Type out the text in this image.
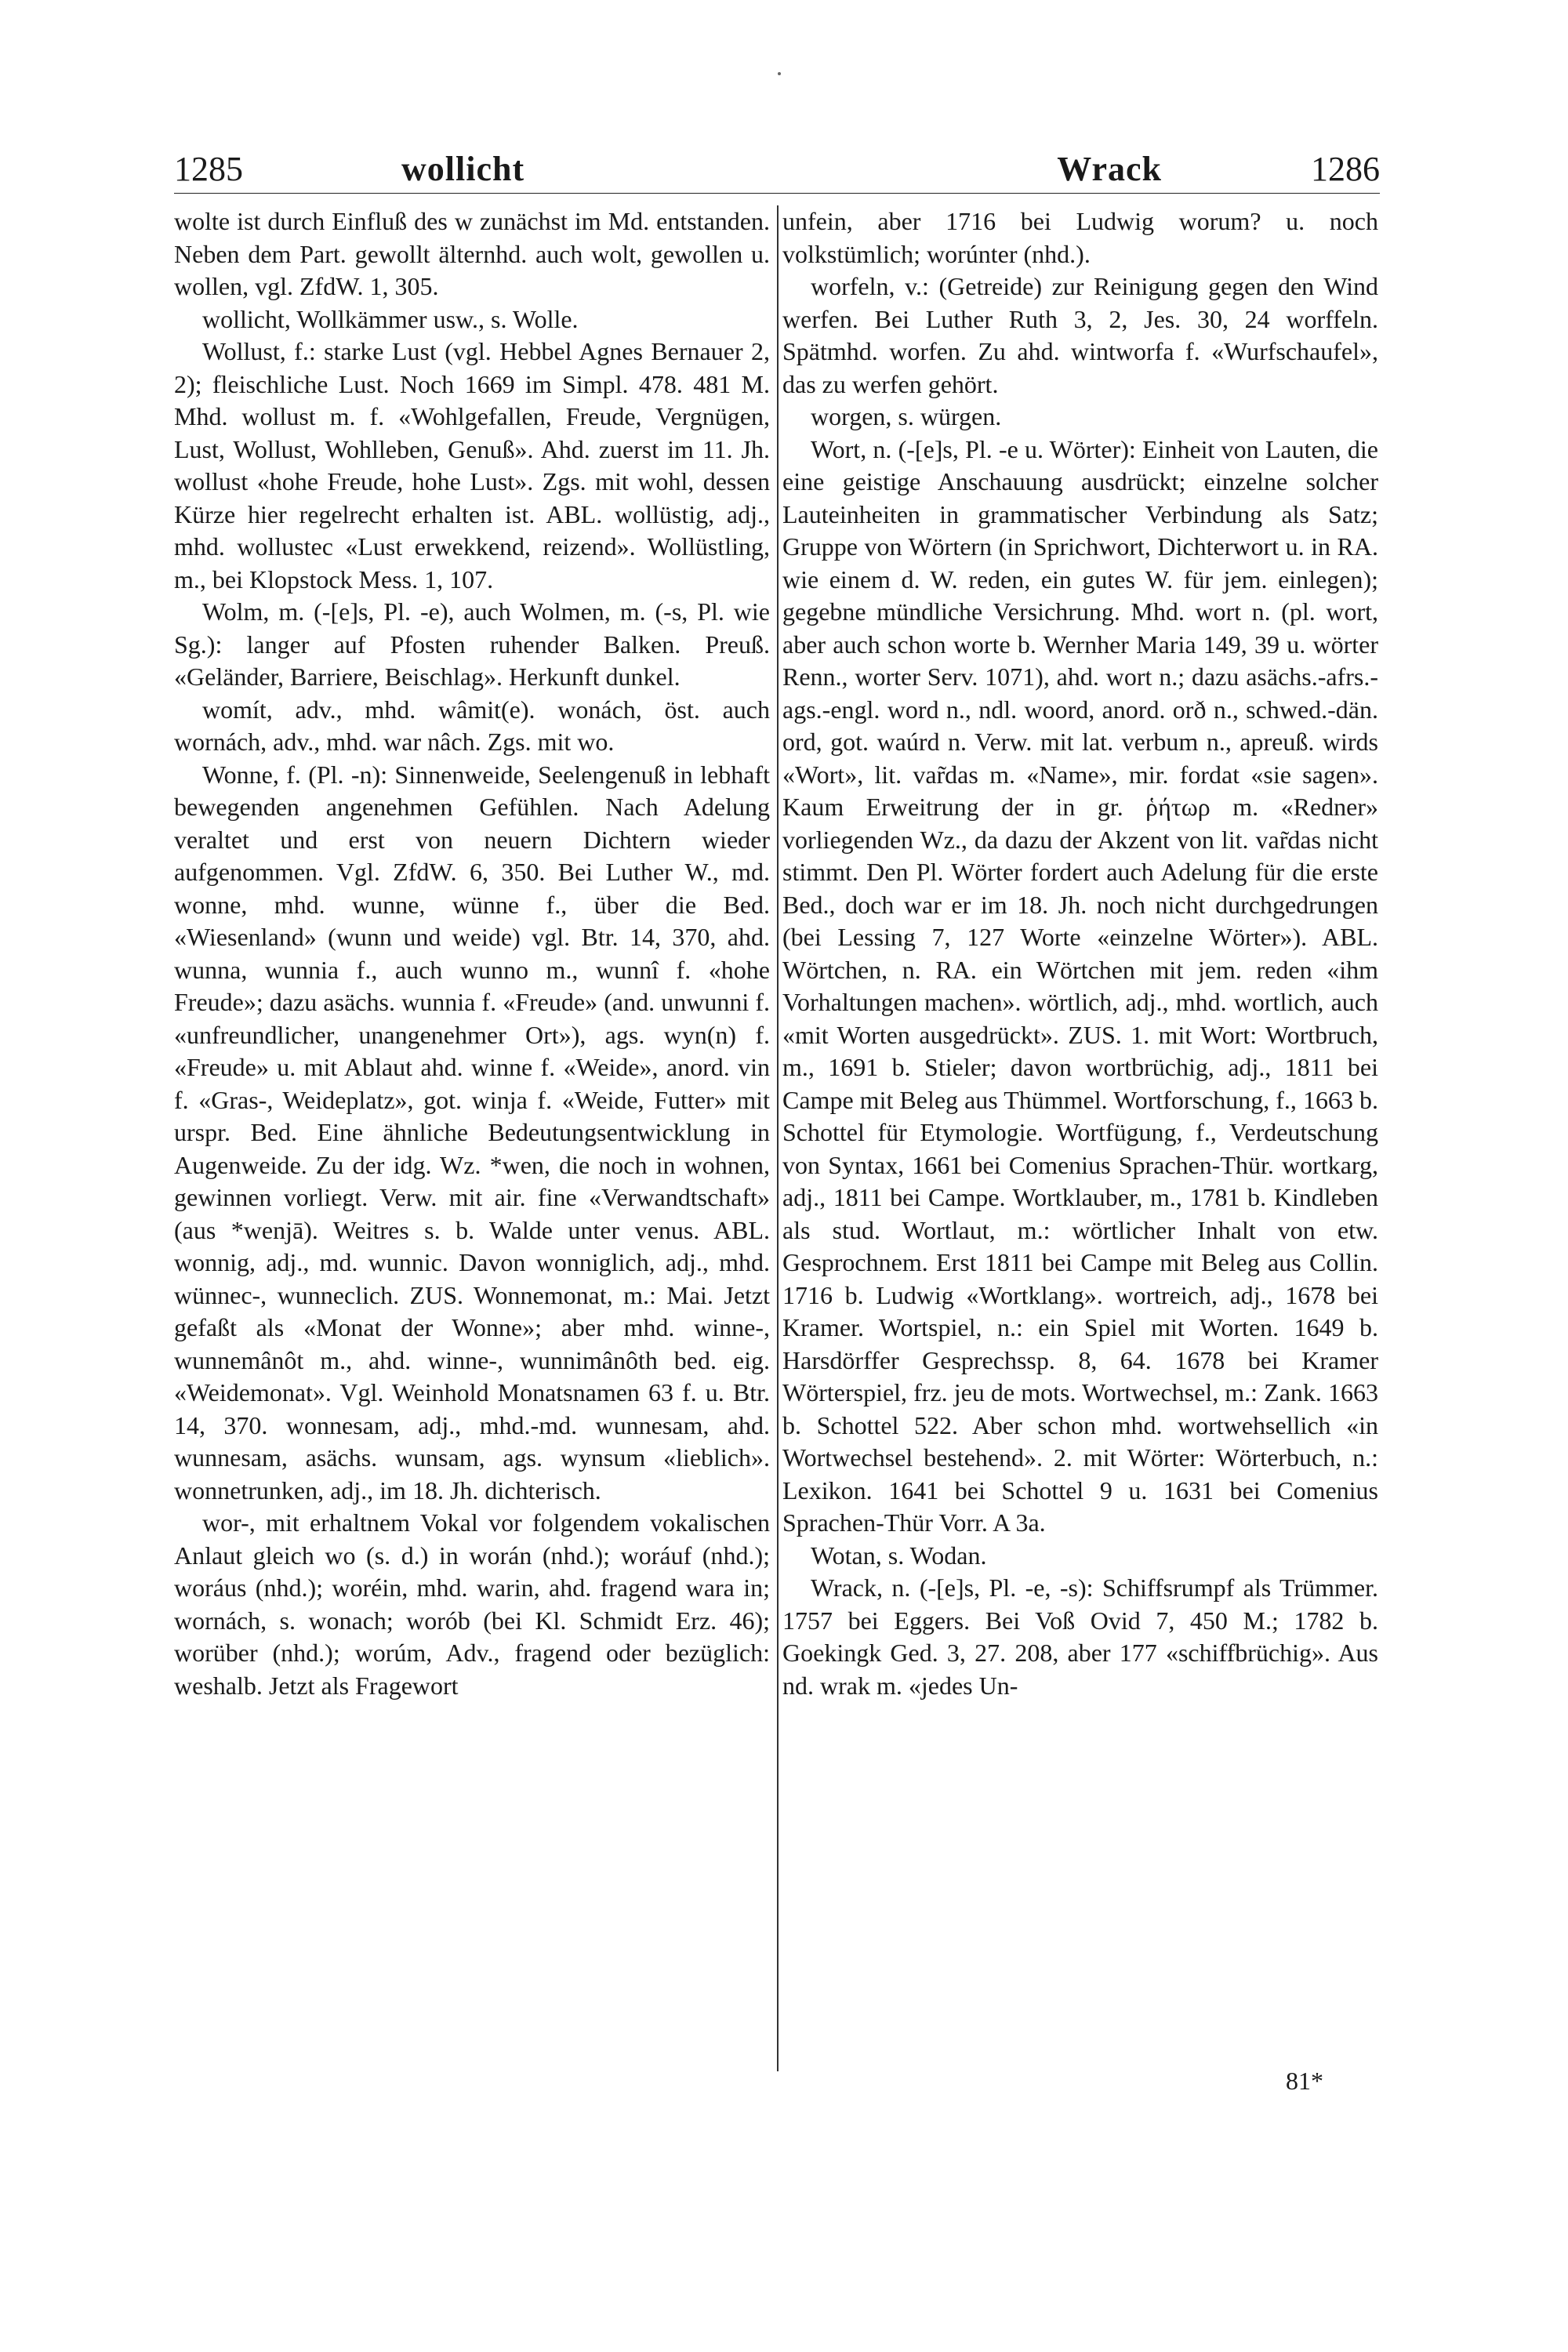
1285	wollicht	Wrack	1286

wolte ist durch Einfluß des w zunächst im Md. entstanden. Neben dem Part. gewollt älternhd. auch wolt, gewollen u. wollen, vgl. ZfdW. 1, 305.

wollicht, Wollkämmer usw., s. Wolle.

Wollust, f.: starke Lust (vgl. Hebbel Agnes Bernauer 2, 2); fleischliche Lust. Noch 1669 im Simpl. 478. 481 M. Mhd. wollust m. f. «Wohlgefallen, Freude, Vergnügen, Lust, Wollust, Wohlleben, Genuß». Ahd. zuerst im 11. Jh. wollust «hohe Freude, hohe Lust». Zgs. mit wohl, dessen Kürze hier regelrecht erhalten ist. ABL. wollüstig, adj., mhd. wollustec «Lust erwekkend, reizend». Wollüstling, m., bei Klopstock Mess. 1, 107.

Wolm, m. (-[e]s, Pl. -e), auch Wolmen, m. (-s, Pl. wie Sg.): langer auf Pfosten ruhender Balken. Preuß. «Geländer, Barriere, Beischlag». Herkunft dunkel.

womít, adv., mhd. wâmit(e). wonách, öst. auch wornách, adv., mhd. war nâch. Zgs. mit wo.

Wonne, f. (Pl. -n): Sinnenweide, Seelengenuß in lebhaft bewegenden angenehmen Gefühlen. Nach Adelung veraltet und erst von neuern Dichtern wieder aufgenommen. Vgl. ZfdW. 6, 350. Bei Luther W., md. wonne, mhd. wunne, wünne f., über die Bed. «Wiesenland» (wunn und weide) vgl. Btr. 14, 370, ahd. wunna, wunnia f., auch wunno m., wunnî f. «hohe Freude»; dazu asächs. wunnia f. «Freude» (and. unwunni f. «unfreundlicher, unangenehmer Ort»), ags. wyn(n) f. «Freude» u. mit Ablaut ahd. winne f. «Weide», anord. vin f. «Gras-, Weideplatz», got. winja f. «Weide, Futter» mit urspr. Bed. Eine ähnliche Bedeutungsentwicklung in Augenweide. Zu der idg. Wz. *wen, die noch in wohnen, gewinnen vorliegt. Verw. mit air. fine «Verwandtschaft» (aus *wenjā). Weitres s. b. Walde unter venus. ABL. wonnig, adj., md. wunnic. Davon wonniglich, adj., mhd. wünnec-, wunneclich. ZUS. Wonnemonat, m.: Mai. Jetzt gefaßt als «Monat der Wonne»; aber mhd. winne-, wunnemânôt m., ahd. winne-, wunnimânôth bed. eig. «Weidemonat». Vgl. Weinhold Monatsnamen 63 f. u. Btr. 14, 370. wonnesam, adj., mhd.-md. wunnesam, ahd. wunnesam, asächs. wunsam, ags. wynsum «lieblich». wonnetrunken, adj., im 18. Jh. dichterisch.

wor-, mit erhaltnem Vokal vor folgendem vokalischen Anlaut gleich wo (s. d.) in worán (nhd.); woráuf (nhd.); woráus (nhd.); woréin, mhd. warin, ahd. fragend wara in; wornách, s. wonach; worób (bei Kl. Schmidt Erz. 46); worüber (nhd.); worúm, Adv., fragend oder bezüglich: weshalb. Jetzt als Fragewort

unfein, aber 1716 bei Ludwig worum? u. noch volkstümlich; worúnter (nhd.).

worfeln, v.: (Getreide) zur Reinigung gegen den Wind werfen. Bei Luther Ruth 3, 2, Jes. 30, 24 worffeln. Spätmhd. worfen. Zu ahd. wintworfa f. «Wurfschaufel», das zu werfen gehört.

worgen, s. würgen.

Wort, n. (-[e]s, Pl. -e u. Wörter): Einheit von Lauten, die eine geistige Anschauung ausdrückt; einzelne solcher Lauteinheiten in grammatischer Verbindung als Satz; Gruppe von Wörtern (in Sprichwort, Dichterwort u. in RA. wie einem d. W. reden, ein gutes W. für jem. einlegen); gegebne mündliche Versichrung. Mhd. wort n. (pl. wort, aber auch schon worte b. Wernher Maria 149, 39 u. wörter Renn., worter Serv. 1071), ahd. wort n.; dazu asächs.-afrs.-ags.-engl. word n., ndl. woord, anord. orð n., schwed.-dän. ord, got. waúrd n. Verw. mit lat. verbum n., apreuß. wirds «Wort», lit. var̃das m. «Name», mir. fordat «sie sagen». Kaum Erweitrung der in gr. ῥήτωρ m. «Redner» vorliegenden Wz., da dazu der Akzent von lit. var̃das nicht stimmt. Den Pl. Wörter fordert auch Adelung für die erste Bed., doch war er im 18. Jh. noch nicht durchgedrungen (bei Lessing 7, 127 Worte «einzelne Wörter»). ABL. Wörtchen, n. RA. ein Wörtchen mit jem. reden «ihm Vorhaltungen machen». wörtlich, adj., mhd. wortlich, auch «mit Worten ausgedrückt». ZUS. 1. mit Wort: Wortbruch, m., 1691 b. Stieler; davon wortbrüchig, adj., 1811 bei Campe mit Beleg aus Thümmel. Wortforschung, f., 1663 b. Schottel für Etymologie. Wortfügung, f., Verdeutschung von Syntax, 1661 bei Comenius Sprachen-Thür. wortkarg, adj., 1811 bei Campe. Wortklauber, m., 1781 b. Kindleben als stud. Wortlaut, m.: wörtlicher Inhalt von etw. Gesprochnem. Erst 1811 bei Campe mit Beleg aus Collin. 1716 b. Ludwig «Wortklang». wortreich, adj., 1678 bei Kramer. Wortspiel, n.: ein Spiel mit Worten. 1649 b. Harsdörffer Gesprechssp. 8, 64. 1678 bei Kramer Wörterspiel, frz. jeu de mots. Wortwechsel, m.: Zank. 1663 b. Schottel 522. Aber schon mhd. wortwehsellich «in Wortwechsel bestehend». 2. mit Wörter: Wörterbuch, n.: Lexikon. 1641 bei Schottel 9 u. 1631 bei Comenius Sprachen-Thür Vorr. A 3a.

Wotan, s. Wodan.

Wrack, n. (-[e]s, Pl. -e, -s): Schiffsrumpf als Trümmer. 1757 bei Eggers. Bei Voß Ovid 7, 450 M.; 1782 b. Goekingk Ged. 3, 27. 208, aber 177 «schiffbrüchig». Aus nd. wrak m. «jedes Un-

81*
